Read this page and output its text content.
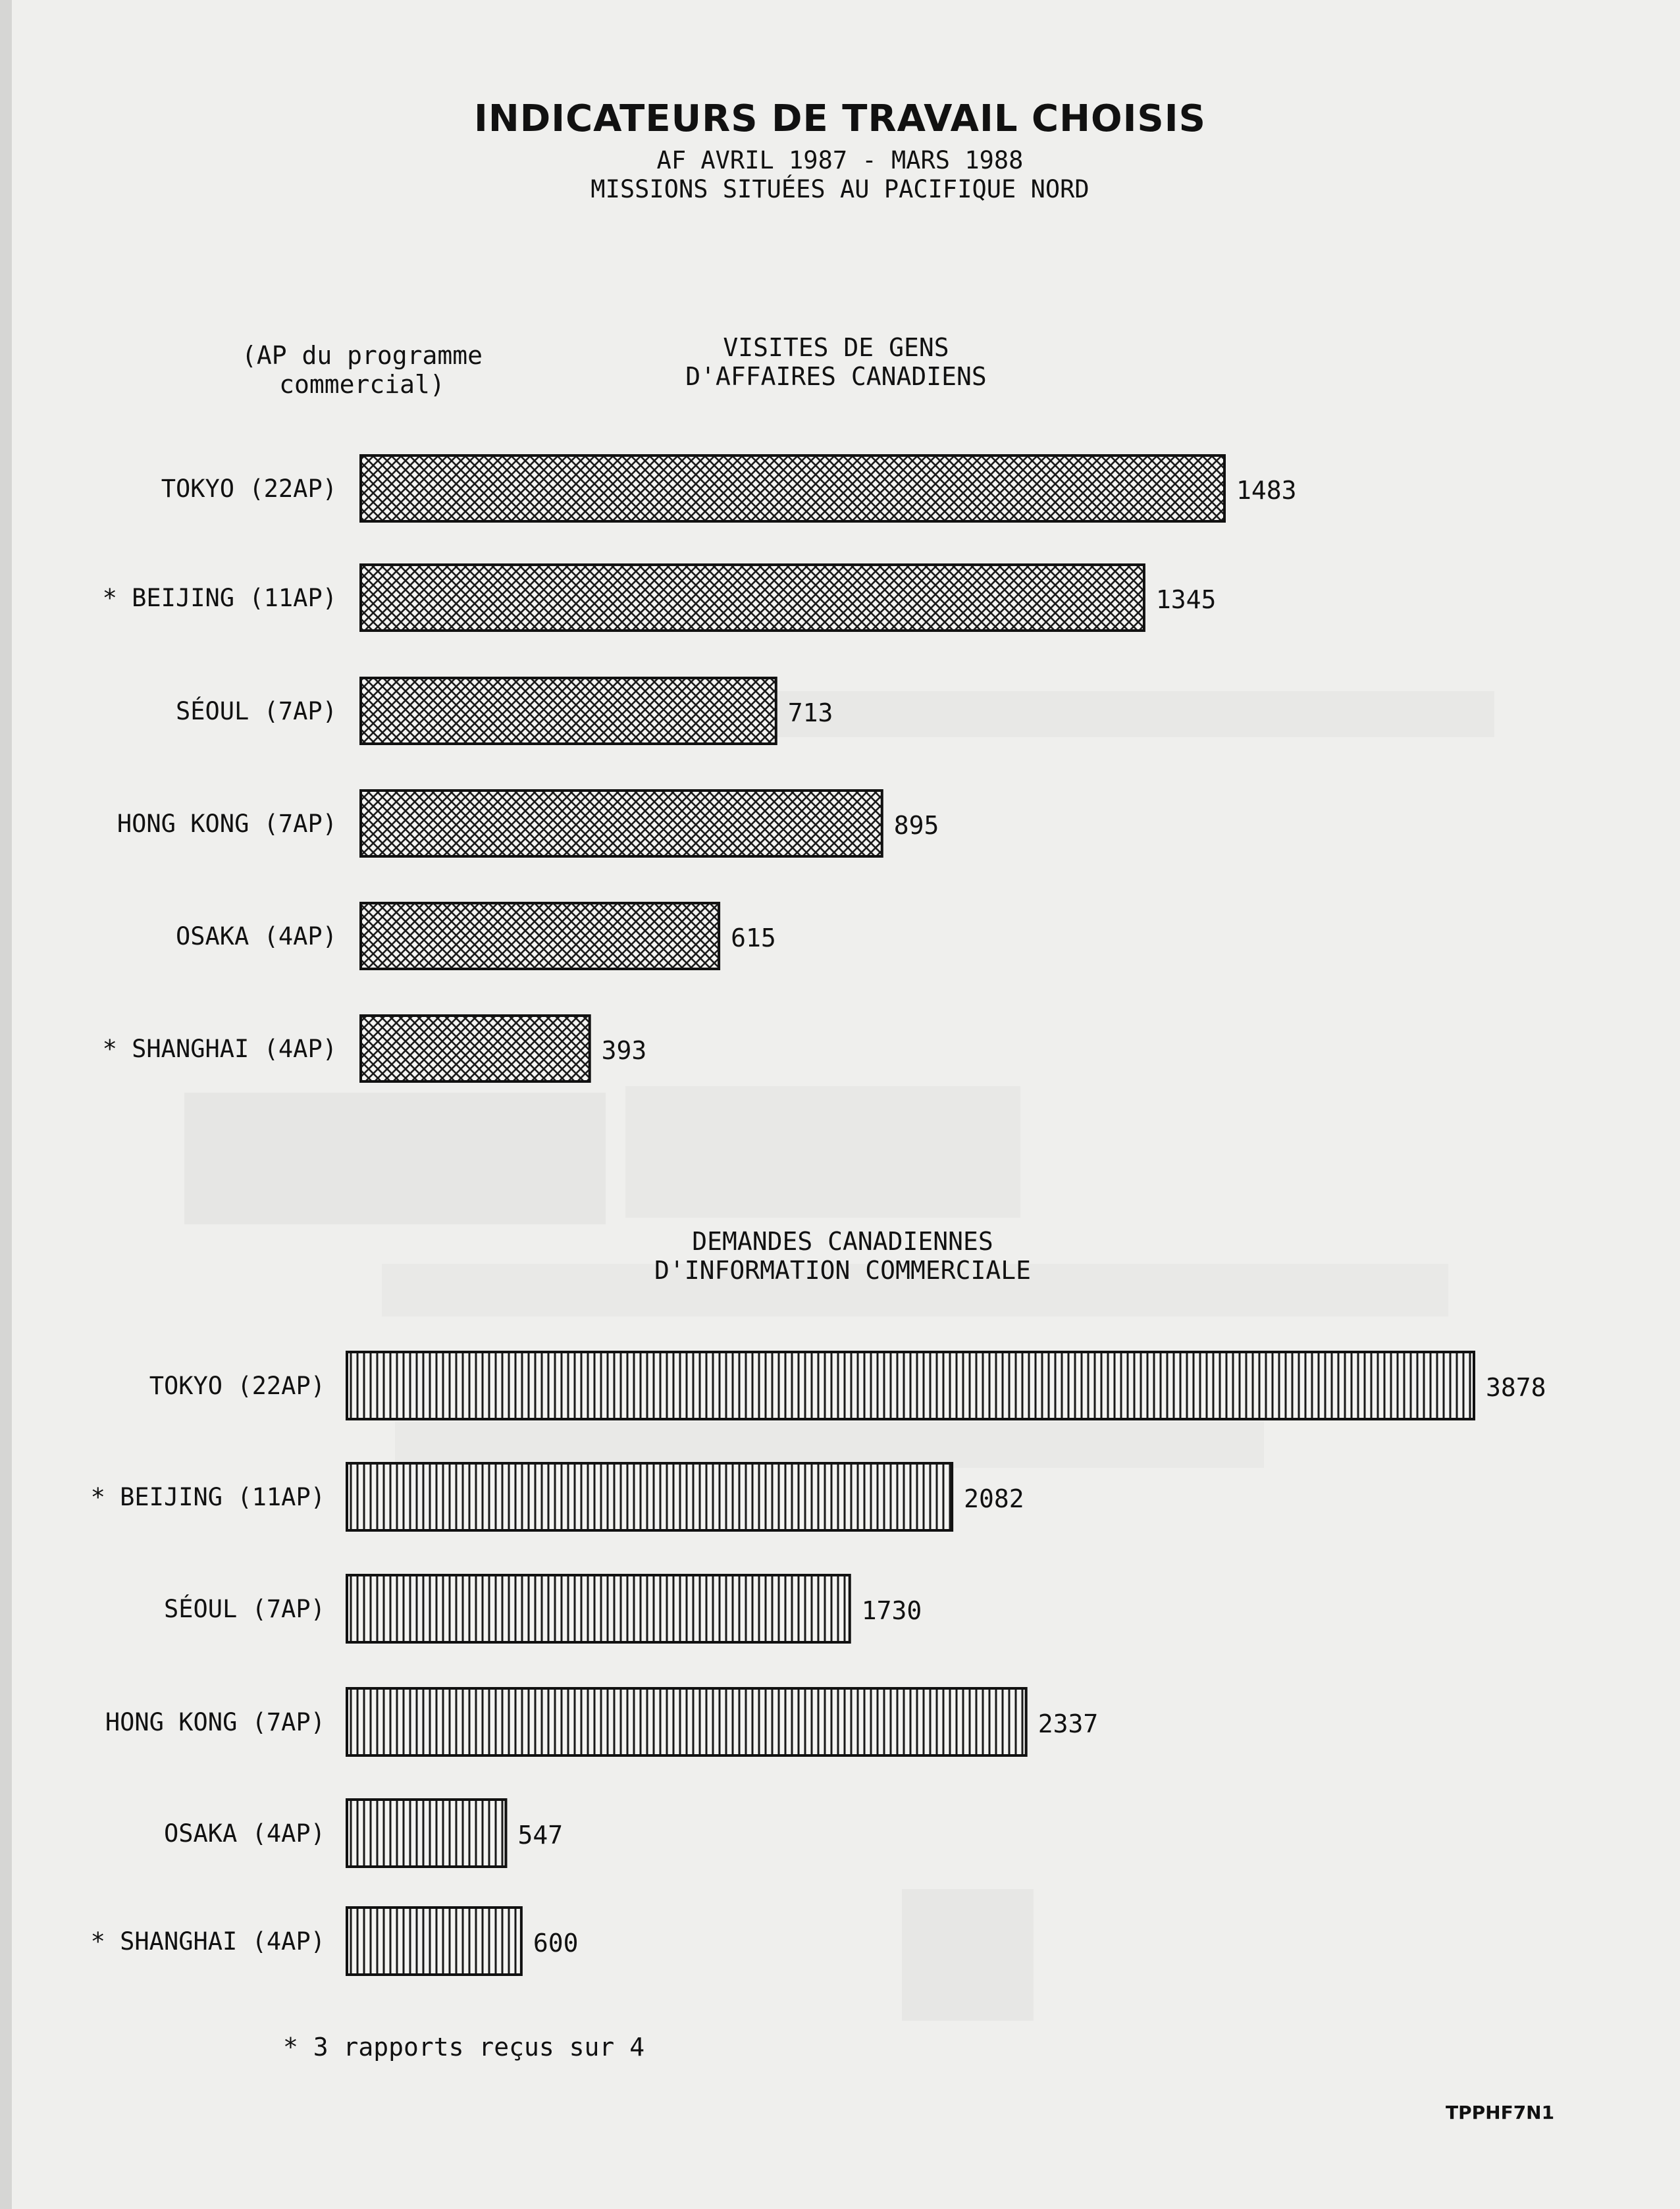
INDICATEURS DE TRAVAIL CHOISIS
AF AVRIL 1987 - MARS 1988
MISSIONS SITUÉES AU PACIFIQUE NORD
(AP du programme
commercial)
VISITES DE GENS
D'AFFAIRES CANADIENS
DEMANDES CANADIENNES
D'INFORMATION COMMERCIALE
TOKYO (22AP)	1483
* BEIJING (11AP)	1345
SÉOUL (7AP)	713
HONG KONG (7AP)	895
OSAKA (4AP)	615
* SHANGHAI (4AP)	393
TOKYO (22AP)	3878
* BEIJING (11AP)	2082
SÉOUL (7AP)	1730
HONG KONG (7AP)	2337
OSAKA (4AP)	547
* SHANGHAI (4AP)	600
* 3 rapports reçus sur 4
TPPHF7N1
